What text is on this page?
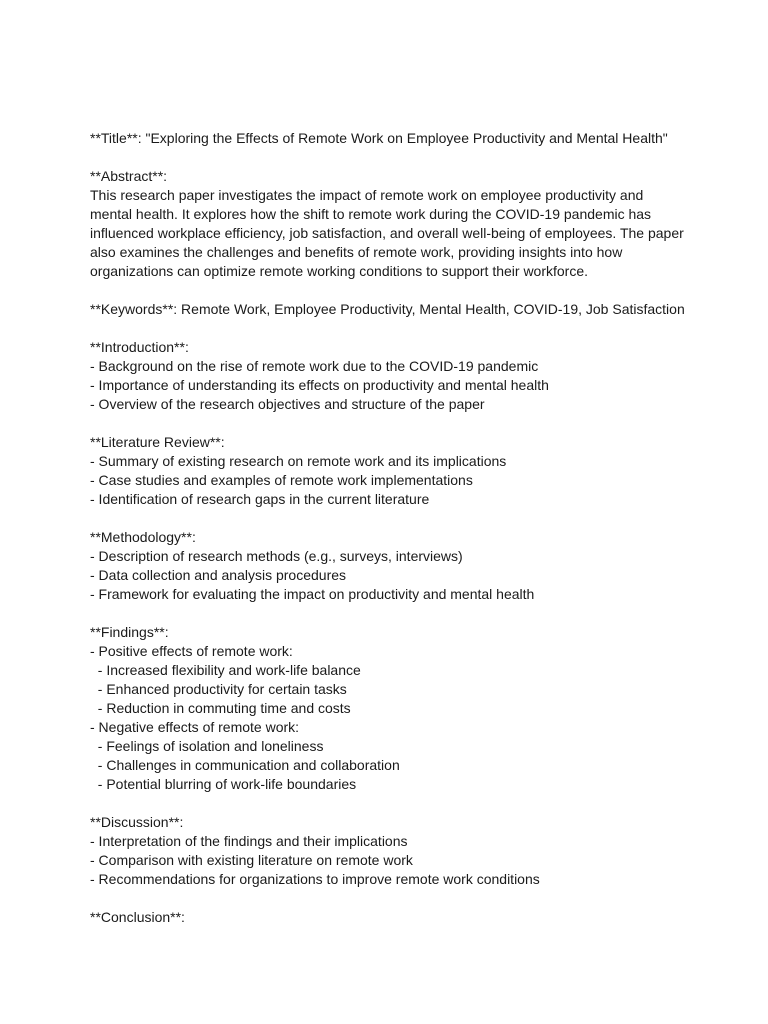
**Title**: "Exploring the Effects of Remote Work on Employee Productivity and Mental Health"
**Abstract**:
This research paper investigates the impact of remote work on employee productivity and
mental health. It explores how the shift to remote work during the COVID-19 pandemic has
influenced workplace efficiency, job satisfaction, and overall well-being of employees. The paper
also examines the challenges and benefits of remote work, providing insights into how
organizations can optimize remote working conditions to support their workforce.
**Keywords**: Remote Work, Employee Productivity, Mental Health, COVID-19, Job Satisfaction
**Introduction**:
- Background on the rise of remote work due to the COVID-19 pandemic
- Importance of understanding its effects on productivity and mental health
- Overview of the research objectives and structure of the paper
**Literature Review**:
- Summary of existing research on remote work and its implications
- Case studies and examples of remote work implementations
- Identification of research gaps in the current literature
**Methodology**:
- Description of research methods (e.g., surveys, interviews)
- Data collection and analysis procedures
- Framework for evaluating the impact on productivity and mental health
**Findings**:
- Positive effects of remote work:
- Increased flexibility and work-life balance
- Enhanced productivity for certain tasks
- Reduction in commuting time and costs
- Negative effects of remote work:
- Feelings of isolation and loneliness
- Challenges in communication and collaboration
- Potential blurring of work-life boundaries
**Discussion**:
- Interpretation of the findings and their implications
- Comparison with existing literature on remote work
- Recommendations for organizations to improve remote work conditions
**Conclusion**:
